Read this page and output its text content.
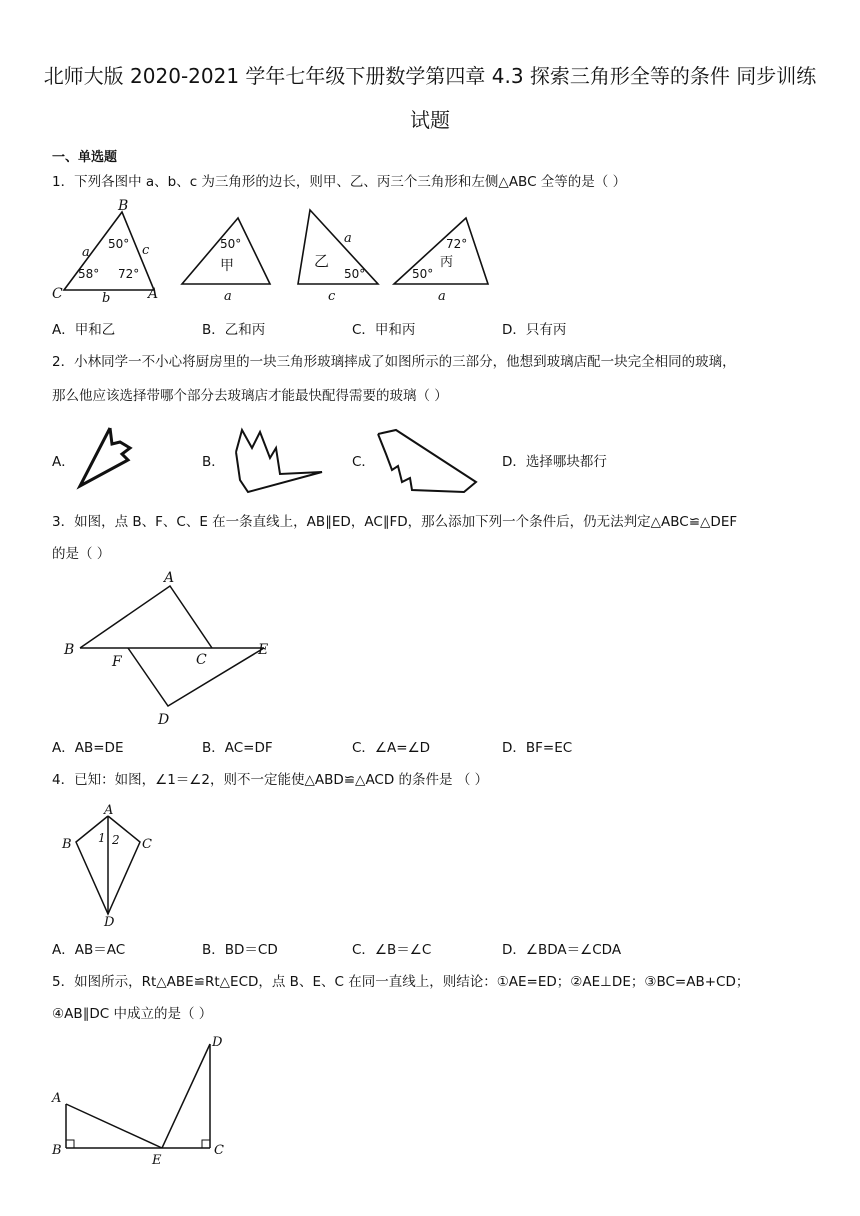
北师大版 2020-2021 学年七年级下册数学第四章 4.3 探索三角形全等的条件 同步训练
试题
一、单选题
1．下列各图中 a、b、c 为三角形的边长，则甲、乙、丙三个三角形和左侧△ABC 全等的是（ ）
B
C	A
a	c
b
50°
58° 72°
50°
甲
a
乙
a
50°
c
72°
丙
50°
a
A．甲和乙	B．乙和丙	C．甲和丙	D．只有丙
2．小林同学一不小心将厨房里的一块三角形玻璃摔成了如图所示的三部分，他想到玻璃店配一块完全相同的玻璃，
那么他应该选择带哪个部分去玻璃店才能最快配得需要的玻璃（ ）
A．	B．	C．	D．选择哪块都行
3．如图，点 B、F、C、E 在一条直线上，AB∥ED，AC∥FD，那么添加下列一个条件后，仍无法判定△ABC≌△DEF
的是（ ）
A
B
F	C
E
D
A．AB=DE	B．AC=DF	C．∠A=∠D	D．BF=EC
4．已知：如图，∠1＝∠2，则不一定能使△ABD≌△ACD 的条件是 （ ）
A
B	C
D
1 2
A．AB＝AC	B．BD＝CD	C．∠B＝∠C	D．∠BDA＝∠CDA
5．如图所示，Rt△ABE≌Rt△ECD，点 B、E、C 在同一直线上，则结论：①AE=ED；②AE⊥DE；③BC=AB+CD；
④AB∥DC 中成立的是（ ）
A
B
E
C
D
